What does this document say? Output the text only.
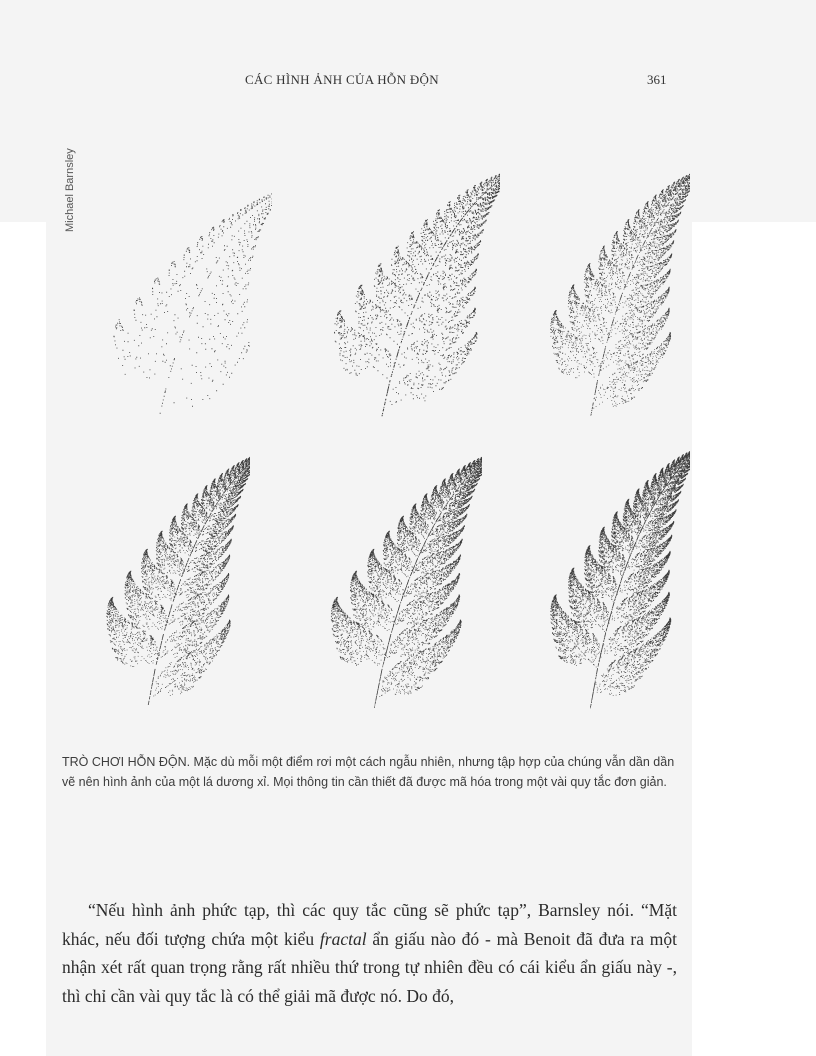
CÁC HÌNH ẢNH CỦA HỖN ĐỘN	361
Michael Barnsley
TRÒ CHƠI HỖN ĐỘN. Mặc dù mỗi một điểm rơi một cách ngẫu nhiên, nhưng tập hợp của chúng vẫn dần dần vẽ nên hình ảnh của một lá dương xỉ. Mọi thông tin cần thiết đã được mã hóa trong một vài quy tắc đơn giản.

“Nếu hình ảnh phức tạp, thì các quy tắc cũng sẽ phức tạp”, Barnsley nói. “Mặt khác, nếu đối tượng chứa một kiểu fractal ẩn giấu nào đó - mà Benoit đã đưa ra một nhận xét rất quan trọng rằng rất nhiều thứ trong tự nhiên đều có cái kiểu ẩn giấu này -, thì chỉ cần vài quy tắc là có thể giải mã được nó. Do đó,
